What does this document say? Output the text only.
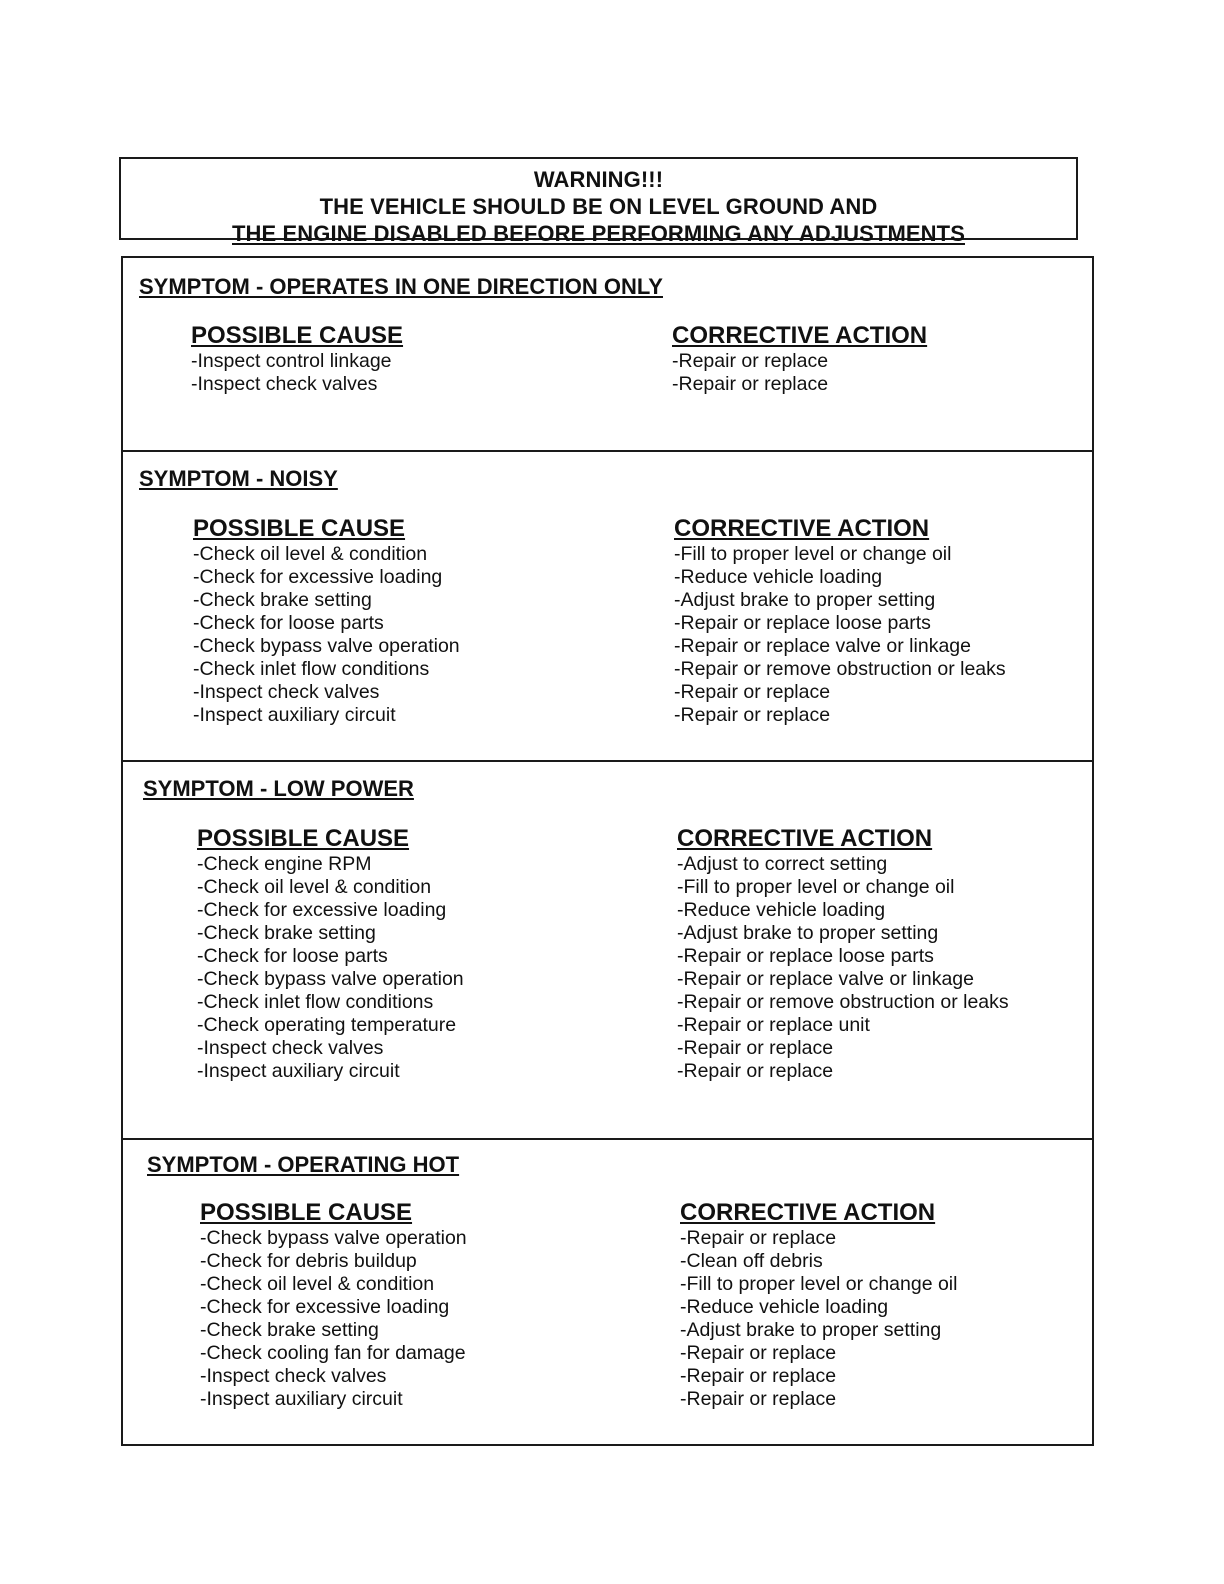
WARNING!!!
THE VEHICLE SHOULD BE ON LEVEL GROUND AND
THE ENGINE DISABLED BEFORE PERFORMING ANY ADJUSTMENTS
SYMPTOM - OPERATES IN ONE DIRECTION ONLY
POSSIBLE CAUSE
-Inspect control linkage
-Inspect check valves
CORRECTIVE ACTION
-Repair or replace
-Repair or replace
SYMPTOM - NOISY
POSSIBLE CAUSE
-Check oil level & condition
-Check for excessive loading
-Check brake setting
-Check for loose parts
-Check bypass valve operation
-Check inlet flow conditions
-Inspect check valves
-Inspect auxiliary circuit
CORRECTIVE ACTION
-Fill to proper level or change oil
-Reduce vehicle loading
-Adjust brake to proper setting
-Repair or replace loose parts
-Repair or replace valve or linkage
-Repair or remove obstruction or leaks
-Repair or replace
-Repair or replace
SYMPTOM - LOW POWER
POSSIBLE CAUSE
-Check engine RPM
-Check oil level & condition
-Check for excessive loading
-Check brake setting
-Check for loose parts
-Check bypass valve operation
-Check inlet flow conditions
-Check operating temperature
-Inspect check valves
-Inspect auxiliary circuit
CORRECTIVE ACTION
-Adjust to correct setting
-Fill to proper level or change oil
-Reduce vehicle loading
-Adjust brake to proper setting
-Repair or replace loose parts
-Repair or replace valve or linkage
-Repair or remove obstruction or leaks
-Repair or replace unit
-Repair or replace
-Repair or replace
SYMPTOM - OPERATING HOT
POSSIBLE CAUSE
-Check bypass valve operation
-Check for debris buildup
-Check oil level & condition
-Check for excessive loading
-Check brake setting
-Check cooling fan for damage
-Inspect check valves
-Inspect auxiliary circuit
CORRECTIVE ACTION
-Repair or replace
-Clean off debris
-Fill to proper level or change oil
-Reduce vehicle loading
-Adjust brake to proper setting
-Repair or replace
-Repair or replace
-Repair or replace
